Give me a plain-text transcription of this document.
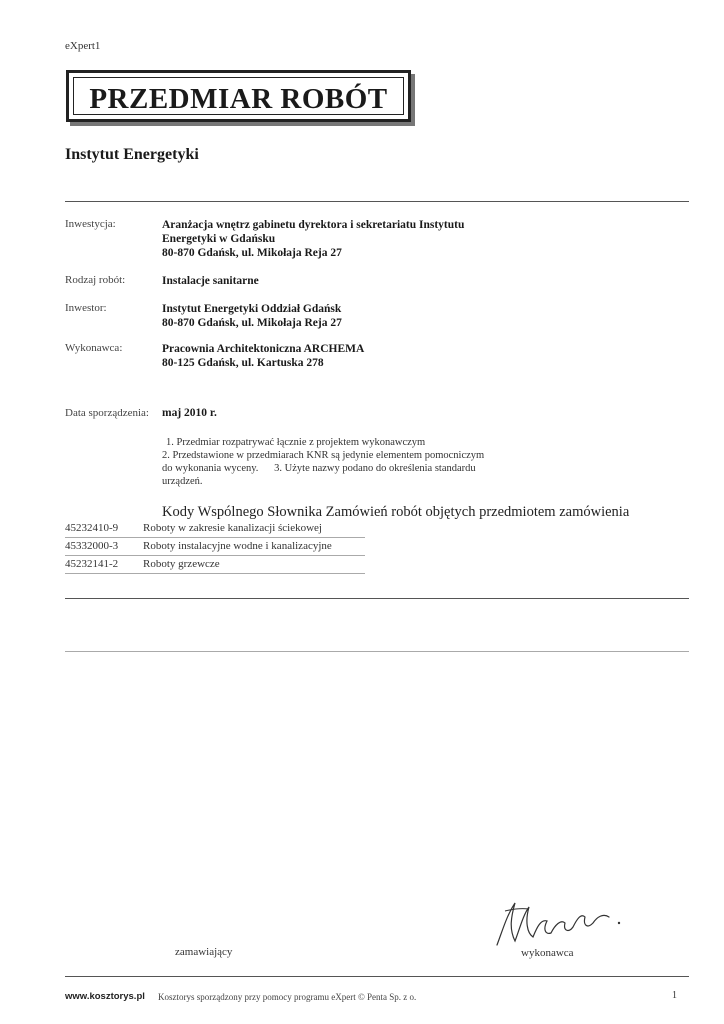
eXpert1
PRZEDMIAR ROBÓT
Instytut Energetyki
Inwestycja:	Aranżacja wnętrz gabinetu dyrektora i sekretariatu Instytutu
Energetyki w Gdańsku
80-870 Gdańsk, ul. Mikołaja Reja 27
Rodzaj robót:	Instalacje sanitarne
Inwestor:	Instytut Energetyki Oddział Gdańsk
80-870 Gdańsk, ul. Mikołaja Reja 27
Wykonawca:	Pracownia Architektoniczna ARCHEMA
80-125 Gdańsk, ul. Kartuska 278
Data sporządzenia: maj 2010 r.

1. Przedmiar rozpatrywać łącznie z projektem wykonawczym

2. Przedstawione w przedmiarach KNR są jedynie elementem pomocniczym

do wykonania wyceny.      3. Użyte nazwy podano do określenia standardu

urządzeń.

Kody Wspólnego Słownika Zamówień robót objętych przedmiotem zamówienia
45232410-9 Roboty w zakresie kanalizacji ściekowej
45332000-3 Roboty instalacyjne wodne i kanalizacyjne
45232141-2 Roboty grzewcze
zamawiający	wykonawca
www.kosztorys.pl Kosztorys sporządzony przy pomocy programu eXpert © Penta Sp. z o.	1
